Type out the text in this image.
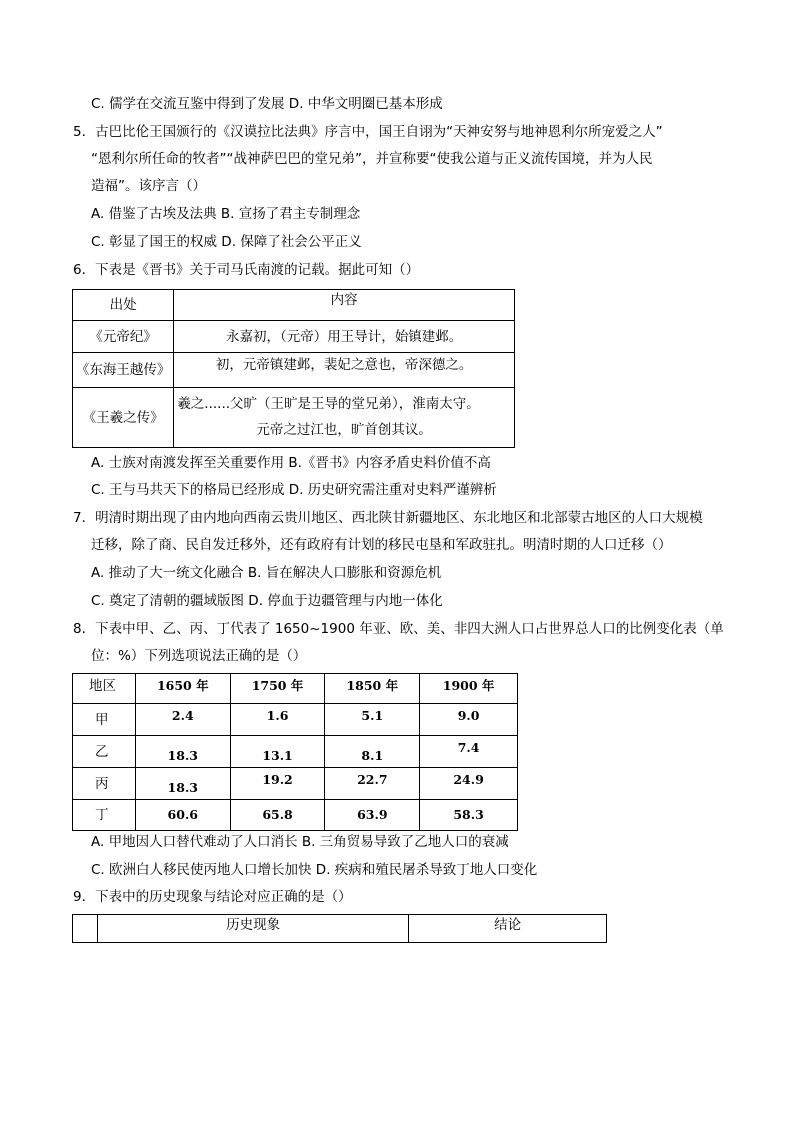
C. 儒学在交流互鉴中得到了发展 D. 中华文明圈已基本形成
5．古巴比伦王国颁行的《汉谟拉比法典》序言中，国王自诩为“天神安努与地神恩利尔所宠爱之人”
“恩利尔所任命的牧者”“战神萨巴巴的堂兄弟”，并宣称要“使我公道与正义流传国境，并为人民
造福”。该序言（）
A. 借鉴了古埃及法典 B. 宣扬了君主专制理念
C. 彰显了国王的权威 D. 保障了社会公平正义
6．下表是《晋书》关于司马氏南渡的记载。据此可知（）
出处	内容
《元帝纪》	永嘉初，（元帝）用王导计，始镇建邺。
《东海王越传》	初，元帝镇建邺，裴妃之意也，帝深德之。
《王羲之传》	羲之......父旷（王旷是王导的堂兄弟），淮南太守。
元帝之过江也，旷首创其议。
A. 士族对南渡发挥至关重要作用 B.《晋书》内容矛盾史料价值不高
C. 王与马共天下的格局已经形成 D. 历史研究需注重对史料严谨辨析
7．明清时期出现了由内地向西南云贵川地区、西北陕甘新疆地区、东北地区和北部蒙古地区的人口大规模
迁移，除了商、民自发迁移外，还有政府有计划的移民屯垦和军政驻扎。明清时期的人口迁移（）
A. 推动了大一统文化融合 B. 旨在解决人口膨胀和资源危机
C. 奠定了清朝的疆域版图 D. 停血于边疆管理与内地一体化
8．下表中甲、乙、丙、丁代表了 1650~1900 年亚、欧、美、非四大洲人口占世界总人口的比例变化表（单
位：%）下列选项说法正确的是（）
地区	1650 年	1750 年	1850 年	1900 年
甲	2.4	1.6	5.1	9.0
乙	18.3	13.1	8.1	7.4
丙	18.3	19.2	22.7	24.9
丁	60.6	65.8	63.9	58.3
A. 甲地因人口替代难动了人口消长 B. 三角贸易导致了乙地人口的衰减
C. 欧洲白人移民使丙地人口增长加快 D. 疾病和殖民屠杀导致丁地人口变化
9．下表中的历史现象与结论对应正确的是（）
	历史现象	结论
